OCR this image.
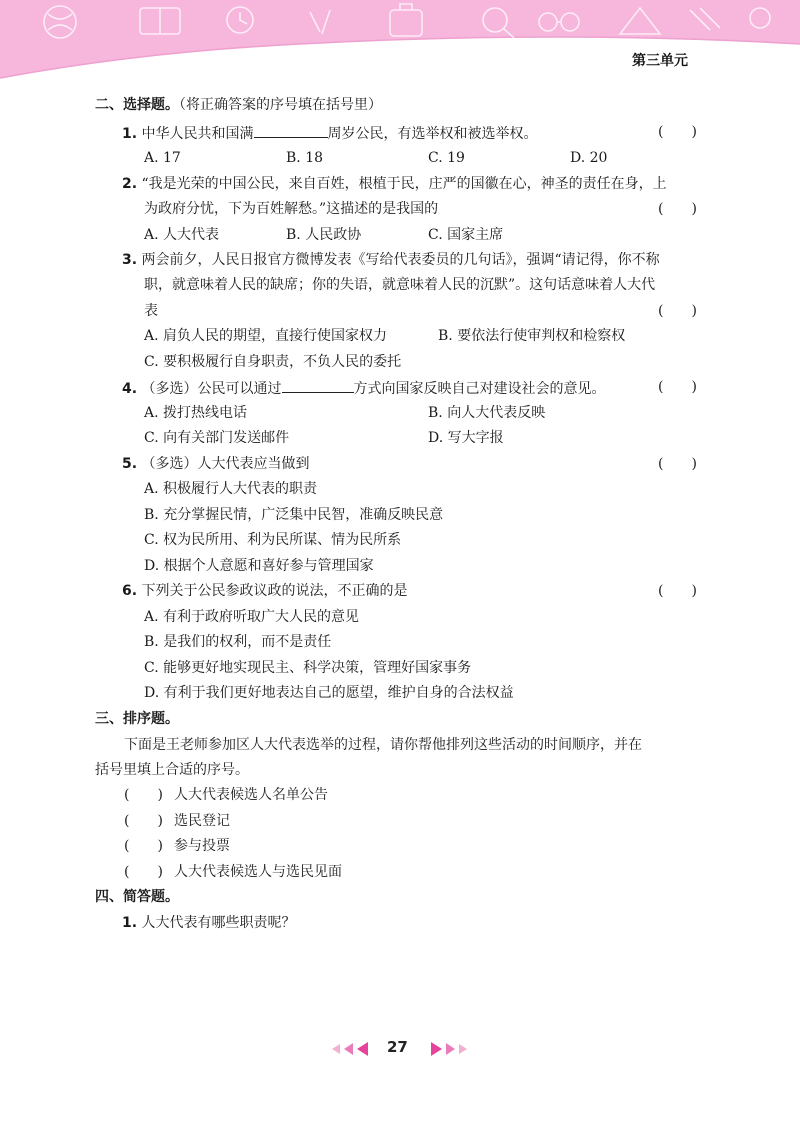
第三单元
二、选择题。（将正确答案的序号填在括号里）
1. 中华人民共和国满	周岁公民，有选举权和被选举权。	(　　)
A. 17	B. 18	C. 19	D. 20
2. “我是光荣的中国公民，来自百姓，根植于民，庄严的国徽在心，神圣的责任在身，上
为政府分忧，下为百姓解愁。”这描述的是我国的	(　　)
A. 人大代表	B. 人民政协	C. 国家主席
3. 两会前夕，人民日报官方微博发表《写给代表委员的几句话》，强调“请记得，你不称
职，就意味着人民的缺席；你的失语，就意味着人民的沉默”。这句话意味着人大代
表	(　　)
A. 肩负人民的期望，直接行使国家权力	B. 要依法行使审判权和检察权
C. 要积极履行自身职责，不负人民的委托
4. （多选）公民可以通过	方式向国家反映自己对建设社会的意见。	(　　)
A. 拨打热线电话	B. 向人大代表反映
C. 向有关部门发送邮件	D. 写大字报
5. （多选）人大代表应当做到	(　　)
A. 积极履行人大代表的职责
B. 充分掌握民情，广泛集中民智，准确反映民意
C. 权为民所用、利为民所谋、情为民所系
D. 根据个人意愿和喜好参与管理国家
6. 下列关于公民参政议政的说法，不正确的是	(　　)
A. 有利于政府听取广大人民的意见
B. 是我们的权利，而不是责任
C. 能够更好地实现民主、科学决策，管理好国家事务
D. 有利于我们更好地表达自己的愿望，维护自身的合法权益
三、排序题。
下面是王老师参加区人大代表选举的过程，请你帮他排列这些活动的时间顺序，并在
括号里填上合适的序号。
(　　) 人大代表候选人名单公告
(　　) 选民登记
(　　) 参与投票
(　　) 人大代表候选人与选民见面
四、简答题。
1. 人大代表有哪些职责呢？
27
